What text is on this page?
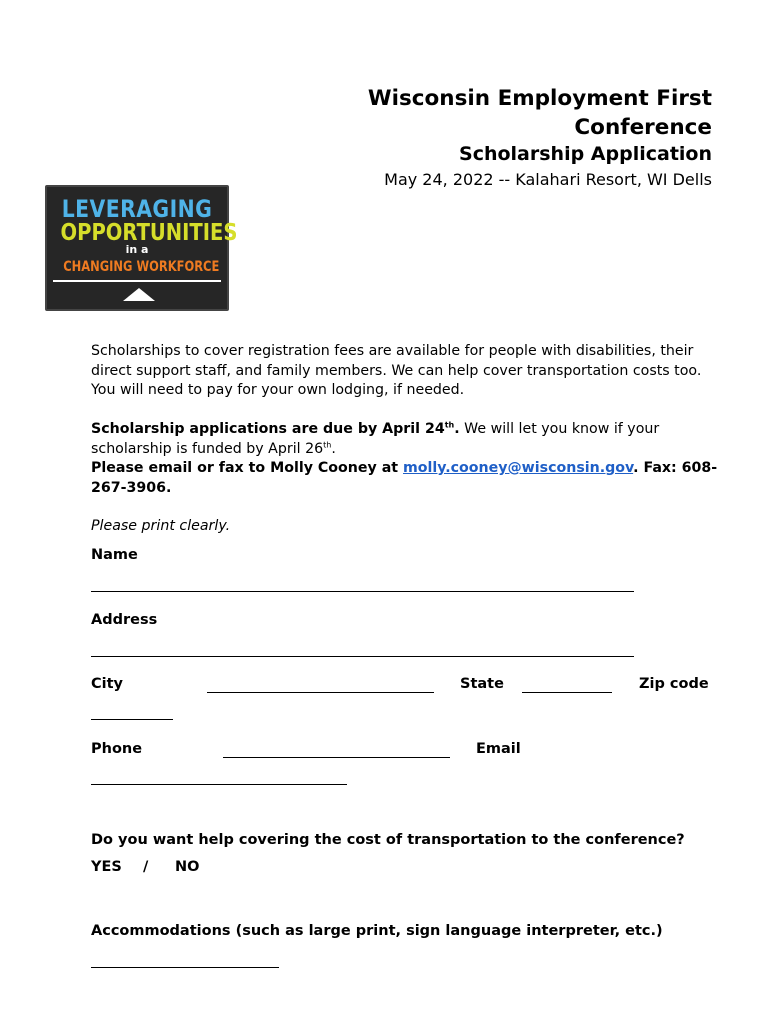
Wisconsin Employment First
Conference
Scholarship Application
May 24, 2022 -- Kalahari Resort, WI Dells
LEVERAGING
OPPORTUNITIES
in a
CHANGING WORKFORCE
Scholarships to cover registration fees are available for people with disabilities, their direct support staff, and family members. We can help cover transportation costs too. You will need to pay for your own lodging, if needed.
Scholarship applications are due by April 24th. We will let you know if your scholarship is funded by April 26th.
Please email or fax to Molly Cooney at molly.cooney@wisconsin.gov. Fax: 608-267-3906.
Please print clearly.
Name
Address
City	State	Zip code
Phone	Email
Do you want help covering the cost of transportation to the conference?
YES / NO
Accommodations (such as large print, sign language interpreter, etc.)
